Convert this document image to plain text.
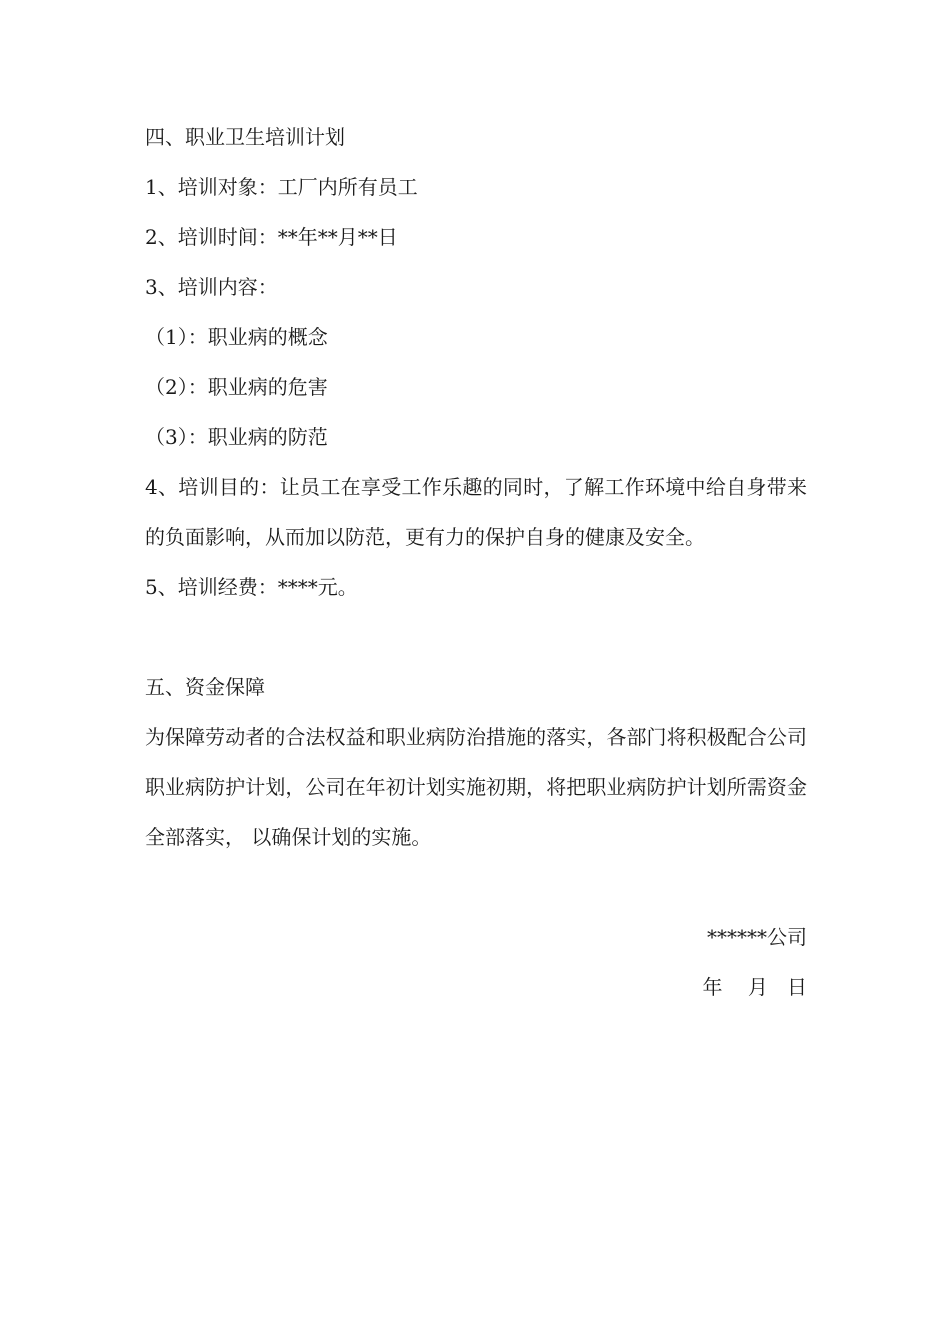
四、职业卫生培训计划
1、培训对象：工厂内所有员工
2、培训时间：**年**月**日
3、培训内容：
（1）：职业病的概念
（2）：职业病的危害
（3）：职业病的防范
4、培训目的：让员工在享受工作乐趣的同时，了解工作环境中给自身带来的负面影响，从而加以防范，更有力的保护自身的健康及安全。
5、培训经费：****元。
五、资金保障
为保障劳动者的合法权益和职业病防治措施的落实，各部门将积极配合公司职业病防护计划，公司在年初计划实施初期，将把职业病防护计划所需资金全部落实， 以确保计划的实施。
******公司
年    月   日
